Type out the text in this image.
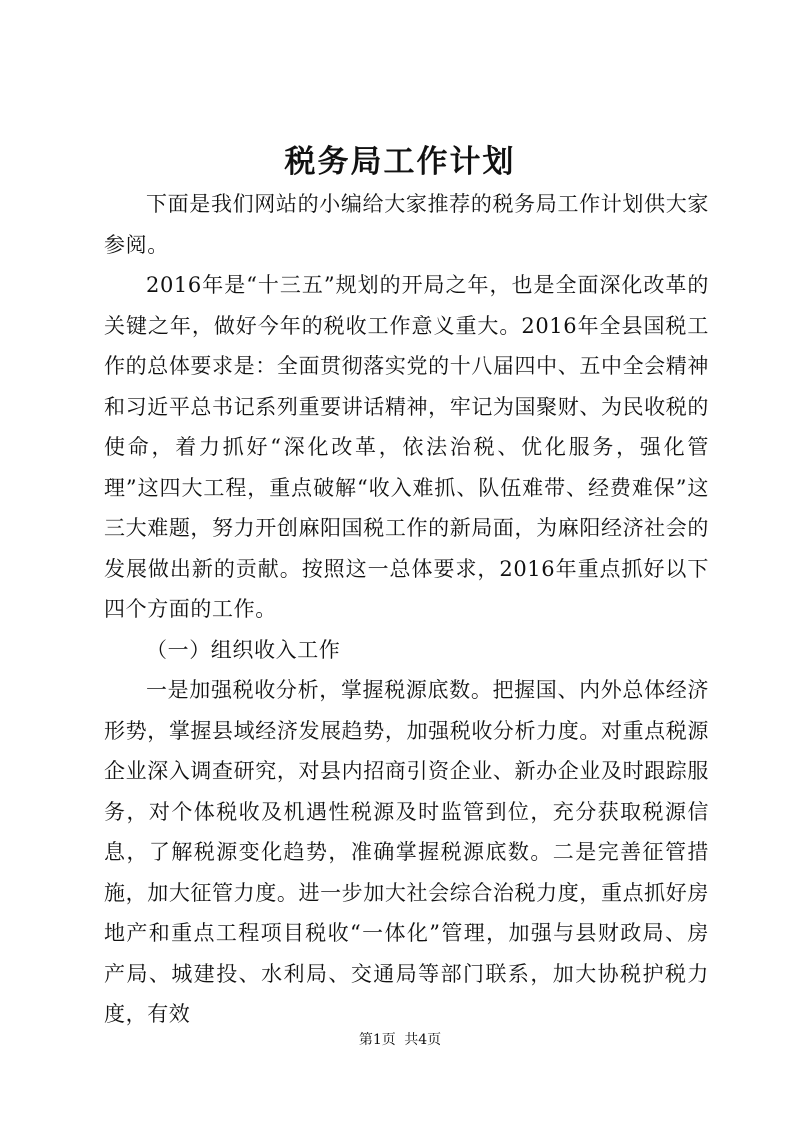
税务局工作计划

下面是我们网站的小编给大家推荐的税务局工作计划供大家参阅。

2016年是“十三五”规划的开局之年，也是全面深化改革的关键之年，做好今年的税收工作意义重大。2016年全县国税工作的总体要求是：全面贯彻落实党的十八届四中、五中全会精神和习近平总书记系列重要讲话精神，牢记为国聚财、为民收税的使命，着力抓好“深化改革，依法治税、优化服务，强化管理”这四大工程，重点破解“收入难抓、队伍难带、经费难保”这三大难题，努力开创麻阳国税工作的新局面，为麻阳经济社会的发展做出新的贡献。按照这一总体要求，2016年重点抓好以下四个方面的工作。

（一）组织收入工作

一是加强税收分析，掌握税源底数。把握国、内外总体经济形势，掌握县域经济发展趋势，加强税收分析力度。对重点税源企业深入调查研究，对县内招商引资企业、新办企业及时跟踪服务，对个体税收及机遇性税源及时监管到位，充分获取税源信息，了解税源变化趋势，准确掌握税源底数。二是完善征管措施，加大征管力度。进一步加大社会综合治税力度，重点抓好房地产和重点工程项目税收“一体化”管理，加强与县财政局、房产局、城建投、水利局、交通局等部门联系，加大协税护税力度，有效

第1页 共4页
